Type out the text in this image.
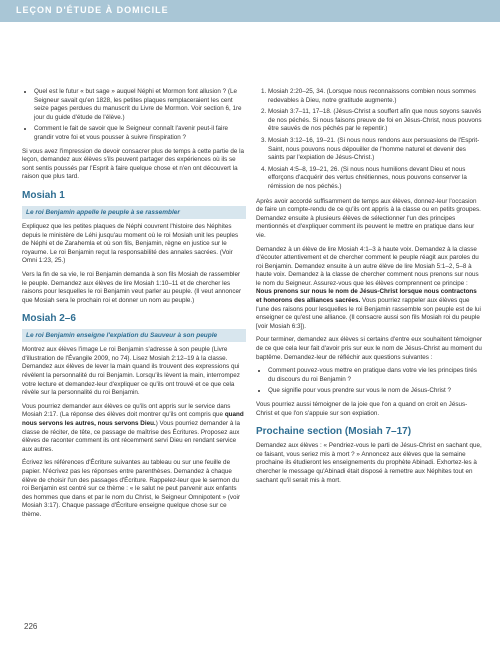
LEÇON D'ÉTUDE À DOMICILE
• Quel est le futur « but sage » auquel Néphi et Mormon font allusion ? (Le Seigneur savait qu'en 1828, les petites plaques remplaceraient les cent seize pages perdues du manuscrit du Livre de Mormon. Voir section 6, 1re jour du guide d'étude de l'élève.)
• Comment le fait de savoir que le Seigneur connaît l'avenir peut-il faire grandir votre foi et vous pousser à suivre l'inspiration ?

Si vous avez l'impression de devoir consacrer plus de temps à cette partie de la leçon, demandez aux élèves s'ils peuvent partager des expériences où ils se sont sentis poussés par l'Esprit à faire quelque chose et n'en ont découvert la raison que plus tard.

Mosiah 1
Le roi Benjamin appelle le peuple à se rassembler

Expliquez que les petites plaques de Néphi couvrent l'histoire des Néphites depuis le ministère de Léhi jusqu'au moment où le roi Mosiah unit les peuples de Néphi et de Zarahemla et où son fils, Benjamin, règne en justice sur le royaume. Le roi Benjamin reçut la responsabilité des annales sacrées. (Voir Omni 1:23, 25.)

Vers la fin de sa vie, le roi Benjamin demanda à son fils Mosiah de rassembler le peuple. Demandez aux élèves de lire Mosiah 1:10–11 et de chercher les raisons pour lesquelles le roi Benjamin veut parler au peuple. (Il veut annoncer que Mosiah sera le prochain roi et donner un nom au peuple.)

Mosiah 2–6
Le roi Benjamin enseigne l'expiation du Sauveur à son peuple

Montrez aux élèves l'image Le roi Benjamin s'adresse à son peuple (Livre d'illustration de l'Évangile 2009, no 74). Lisez Mosiah 2:12–19 à la classe. Demandez aux élèves de lever la main quand ils trouvent des expressions qui révèlent la personnalité du roi Benjamin. Lorsqu'ils lèvent la main, interrompez votre lecture et demandez-leur d'expliquer ce qu'ils ont trouvé et ce que cela révèle sur la personnalité du roi Benjamin.

Vous pourriez demander aux élèves ce qu'ils ont appris sur le service dans Mosiah 2:17. (La réponse des élèves doit montrer qu'ils ont compris que quand nous servons les autres, nous servons Dieu.) Vous pourriez demander à la classe de réciter, de tête, ce passage de maîtrise des Écritures. Proposez aux élèves de raconter comment ils ont récemment servi Dieu en rendant service aux autres.

Écrivez les références d'Écriture suivantes au tableau ou sur une feuille de papier. N'écrivez pas les réponses entre parenthèses. Demandez à chaque élève de choisir l'un des passages d'Écriture. Rappelez-leur que le sermon du roi Benjamin est centré sur ce thème : « le salut ne peut parvenir aux enfants des hommes que dans et par le nom du Christ, le Seigneur Omnipotent » (voir Mosiah 3:17). Chaque passage d'Écriture enseigne quelque chose sur ce thème.

1. Mosiah 2:20–25, 34. (Lorsque nous reconnaissons combien nous sommes redevables à Dieu, notre gratitude augmente.)
2. Mosiah 3:7–11, 17–18. (Jésus-Christ a souffert afin que nous soyons sauvés de nos péchés. Si nous faisons preuve de foi en Jésus-Christ, nous pouvons être sauvés de nos péchés par le repentir.)
3. Mosiah 3:12–16, 19–21. (Si nous nous rendons aux persuasions de l'Esprit-Saint, nous pouvons nous dépouiller de l'homme naturel et devenir des saints par l'expiation de Jésus-Christ.)
4. Mosiah 4:5–8, 19–21, 26. (Si nous nous humilions devant Dieu et nous efforçons d'acquérir des vertus chrétiennes, nous pouvons conserver la rémission de nos péchés.)

Après avoir accordé suffisamment de temps aux élèves, donnez-leur l'occasion de faire un compte-rendu de ce qu'ils ont appris à la classe ou en petits groupes. Demandez ensuite à plusieurs élèves de sélectionner l'un des principes mentionnés et d'expliquer comment ils peuvent le mettre en pratique dans leur vie.

Demandez à un élève de lire Mosiah 4:1–3 à haute voix. Demandez à la classe d'écouter attentivement et de chercher comment le peuple réagit aux paroles du roi Benjamin. Demandez ensuite à un autre élève de lire Mosiah 5:1–2, 5–8 à haute voix. Demandez à la classe de chercher comment nous prenons sur nous le nom du Seigneur. Assurez-vous que les élèves comprennent ce principe : Nous prenons sur nous le nom de Jésus-Christ lorsque nous contractons et honorons des alliances sacrées. Vous pourriez rappeler aux élèves que l'une des raisons pour lesquelles le roi Benjamin rassemble son peuple est de lui enseigner ce qu'est une alliance. (Il consacre aussi son fils Mosiah roi du peuple [voir Mosiah 6:3]).

Pour terminer, demandez aux élèves si certains d'entre eux souhaitent témoigner de ce que cela leur fait d'avoir pris sur eux le nom de Jésus-Christ au moment du baptême. Demandez-leur de réfléchir aux questions suivantes :

• Comment pouvez-vous mettre en pratique dans votre vie les principes tirés du discours du roi Benjamin ?
• Que signifie pour vous prendre sur vous le nom de Jésus-Christ ?

Vous pourriez aussi témoigner de la joie que l'on a quand on croit en Jésus-Christ et que l'on s'appuie sur son expiation.

Prochaine section (Mosiah 7–17)

Demandez aux élèves : « Pendriez-vous le parti de Jésus-Christ en sachant que, ce faisant, vous seriez mis à mort ? » Annoncez aux élèves que la semaine prochaine ils étudieront les enseignements du prophète Abinadi. Exhortez-les à chercher le message qu'Abinadi était disposé à remettre aux Néphites tout en sachant qu'il serait mis à mort.

226
